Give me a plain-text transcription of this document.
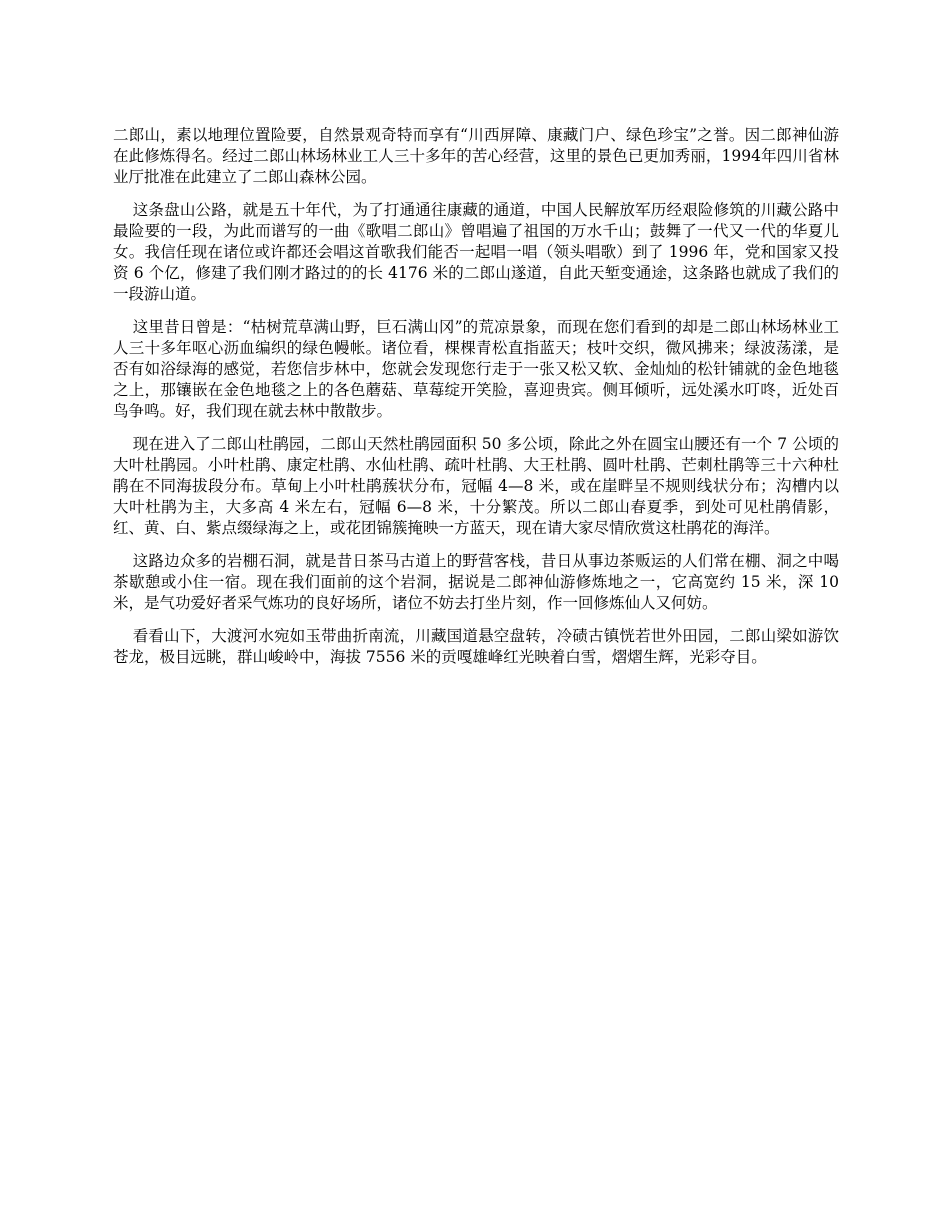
二郎山，素以地理位置险要，自然景观奇特而享有“川西屏障、康藏门户、绿色珍宝”之誉。因二郎神仙游在此修炼得名。经过二郎山林场林业工人三十多年的苦心经营，这里的景色已更加秀丽，1994年四川省林业厅批准在此建立了二郎山森林公园。

这条盘山公路，就是五十年代，为了打通通往康藏的通道，中国人民解放军历经艰险修筑的川藏公路中最险要的一段，为此而谱写的一曲《歌唱二郎山》曾唱遍了祖国的万水千山；鼓舞了一代又一代的华夏儿女。我信任现在诸位或许都还会唱这首歌我们能否一起唱一唱（领头唱歌）到了 1996 年，党和国家又投资 6 个亿，修建了我们刚才路过的的长 4176 米的二郎山遂道，自此天堑变通途，这条路也就成了我们的一段游山道。

这里昔日曾是：“枯树荒草满山野，巨石满山冈”的荒凉景象，而现在您们看到的却是二郎山林场林业工人三十多年呕心沥血编织的绿色幔帐。诸位看，棵棵青松直指蓝天；枝叶交织，微风拂来；绿波荡漾，是否有如浴绿海的感觉，若您信步林中，您就会发现您行走于一张又松又软、金灿灿的松针铺就的金色地毯之上，那镶嵌在金色地毯之上的各色蘑菇、草莓绽开笑脸，喜迎贵宾。侧耳倾听，远处溪水叮咚，近处百鸟争鸣。好，我们现在就去林中散散步。

现在进入了二郎山杜鹃园，二郎山天然杜鹃园面积 50 多公顷，除此之外在圆宝山腰还有一个 7 公顷的大叶杜鹃园。小叶杜鹃、康定杜鹃、水仙杜鹃、疏叶杜鹃、大王杜鹃、圆叶杜鹃、芒刺杜鹃等三十六种杜鹃在不同海拔段分布。草甸上小叶杜鹃蔟状分布，冠幅 4—8 米，或在崖畔呈不规则线状分布；沟槽内以大叶杜鹃为主，大多高 4 米左右，冠幅 6—8 米，十分繁茂。所以二郎山春夏季，到处可见杜鹃倩影，红、黄、白、紫点缀绿海之上，或花团锦簇掩映一方蓝天，现在请大家尽情欣赏这杜鹃花的海洋。

这路边众多的岩棚石洞，就是昔日茶马古道上的野营客栈，昔日从事边茶贩运的人们常在棚、洞之中喝茶歇憩或小住一宿。现在我们面前的这个岩洞，据说是二郎神仙游修炼地之一，它高宽约 15 米，深 10 米，是气功爱好者采气炼功的良好场所，诸位不妨去打坐片刻，作一回修炼仙人又何妨。

看看山下，大渡河水宛如玉带曲折南流，川藏国道悬空盘转，冷碛古镇恍若世外田园，二郎山梁如游饮苍龙，极目远眺，群山峻岭中，海拔 7556 米的贡嘎雄峰红光映着白雪，熠熠生辉，光彩夺目。
